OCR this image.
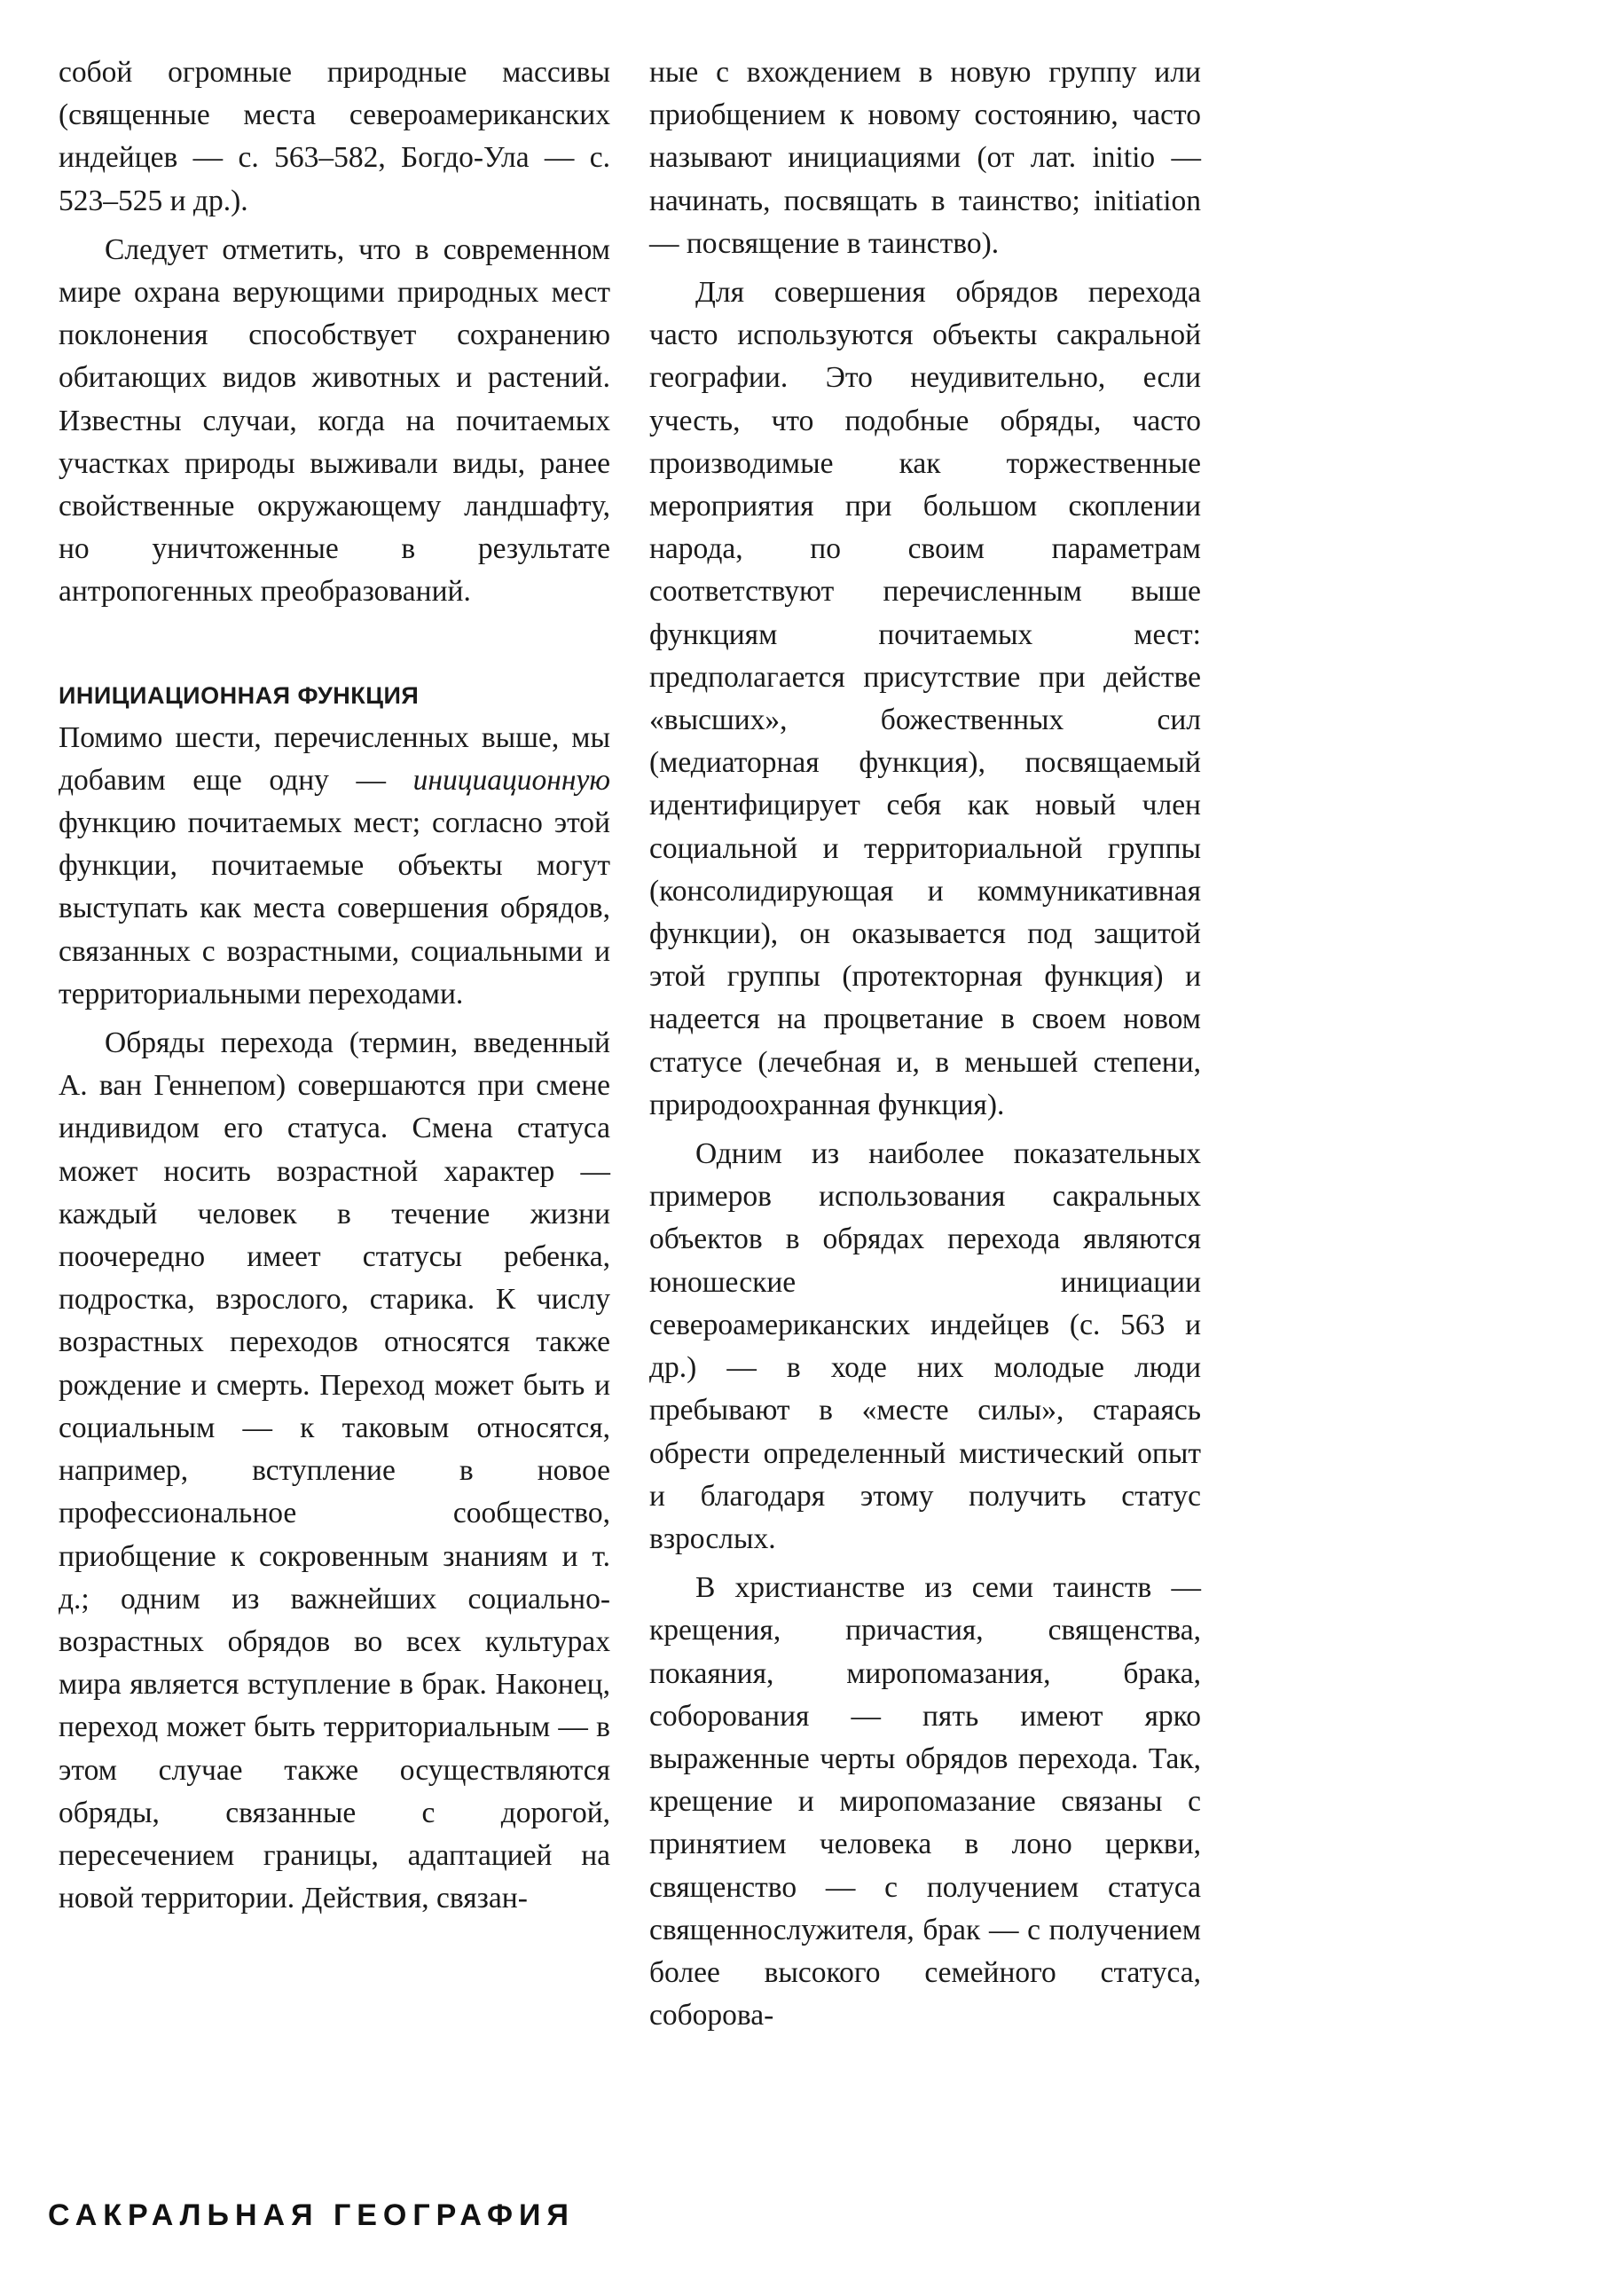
собой огромные природные массивы (священные места североамериканских индейцев — с. 563–582, Богдо-Ула — с. 523–525 и др.).

Следует отметить, что в современном мире охрана верующими природных мест поклонения способствует сохранению обитающих видов животных и растений. Известны случаи, когда на почитаемых участках природы выживали виды, ранее свойственные окружающему ландшафту, но уничтоженные в результате антропогенных преобразований.

ИНИЦИАЦИОННАЯ ФУНКЦИЯ

Помимо шести, перечисленных выше, мы добавим еще одну — инициационную функцию почитаемых мест; согласно этой функции, почитаемые объекты могут выступать как места совершения обрядов, связанных с возрастными, социальными и территориальными переходами.

Обряды перехода (термин, введенный А. ван Геннепом) совершаются при смене индивидом его статуса. Смена статуса может носить возрастной характер — каждый человек в течение жизни поочередно имеет статусы ребенка, подростка, взрослого, старика. К числу возрастных переходов относятся также рождение и смерть. Переход может быть и социальным — к таковым относятся, например, вступление в новое профессиональное сообщество, приобщение к сокровенным знаниям и т. д.; одним из важнейших социально-возрастных обрядов во всех культурах мира является вступление в брак. Наконец, переход может быть территориальным — в этом случае также осуществляются обряды, связанные с дорогой, пересечением границы, адаптацией на новой территории. Действия, связан-

ные с вхождением в новую группу или приобщением к новому состоянию, часто называют инициациями (от лат. initio — начинать, посвящать в таинство; initiation — посвящение в таинство).

Для совершения обрядов перехода часто используются объекты сакральной географии. Это неудивительно, если учесть, что подобные обряды, часто производимые как торжественные мероприятия при большом скоплении народа, по своим параметрам соответствуют перечисленным выше функциям почитаемых мест: предполагается присутствие при действе «высших», божественных сил (медиаторная функция), посвящаемый идентифицирует себя как новый член социальной и территориальной группы (консолидирующая и коммуникативная функции), он оказывается под защитой этой группы (протекторная функция) и надеется на процветание в своем новом статусе (лечебная и, в меньшей степени, природоохранная функция).

Одним из наиболее показательных примеров использования сакральных объектов в обрядах перехода являются юношеские инициации североамериканских индейцев (с. 563 и др.) — в ходе них молодые люди пребывают в «месте силы», стараясь обрести определенный мистический опыт и благодаря этому получить статус взрослых.

В христианстве из семи таинств — крещения, причастия, священства, покаяния, миропомазания, брака, соборования — пять имеют ярко выраженные черты обрядов перехода. Так, крещение и миропомазание связаны с принятием человека в лоно церкви, священство — с получением статуса священнослужителя, брак — с получением более высокого семейного статуса, соборова-

САКРАЛЬНАЯ ГЕОГРАФИЯ
